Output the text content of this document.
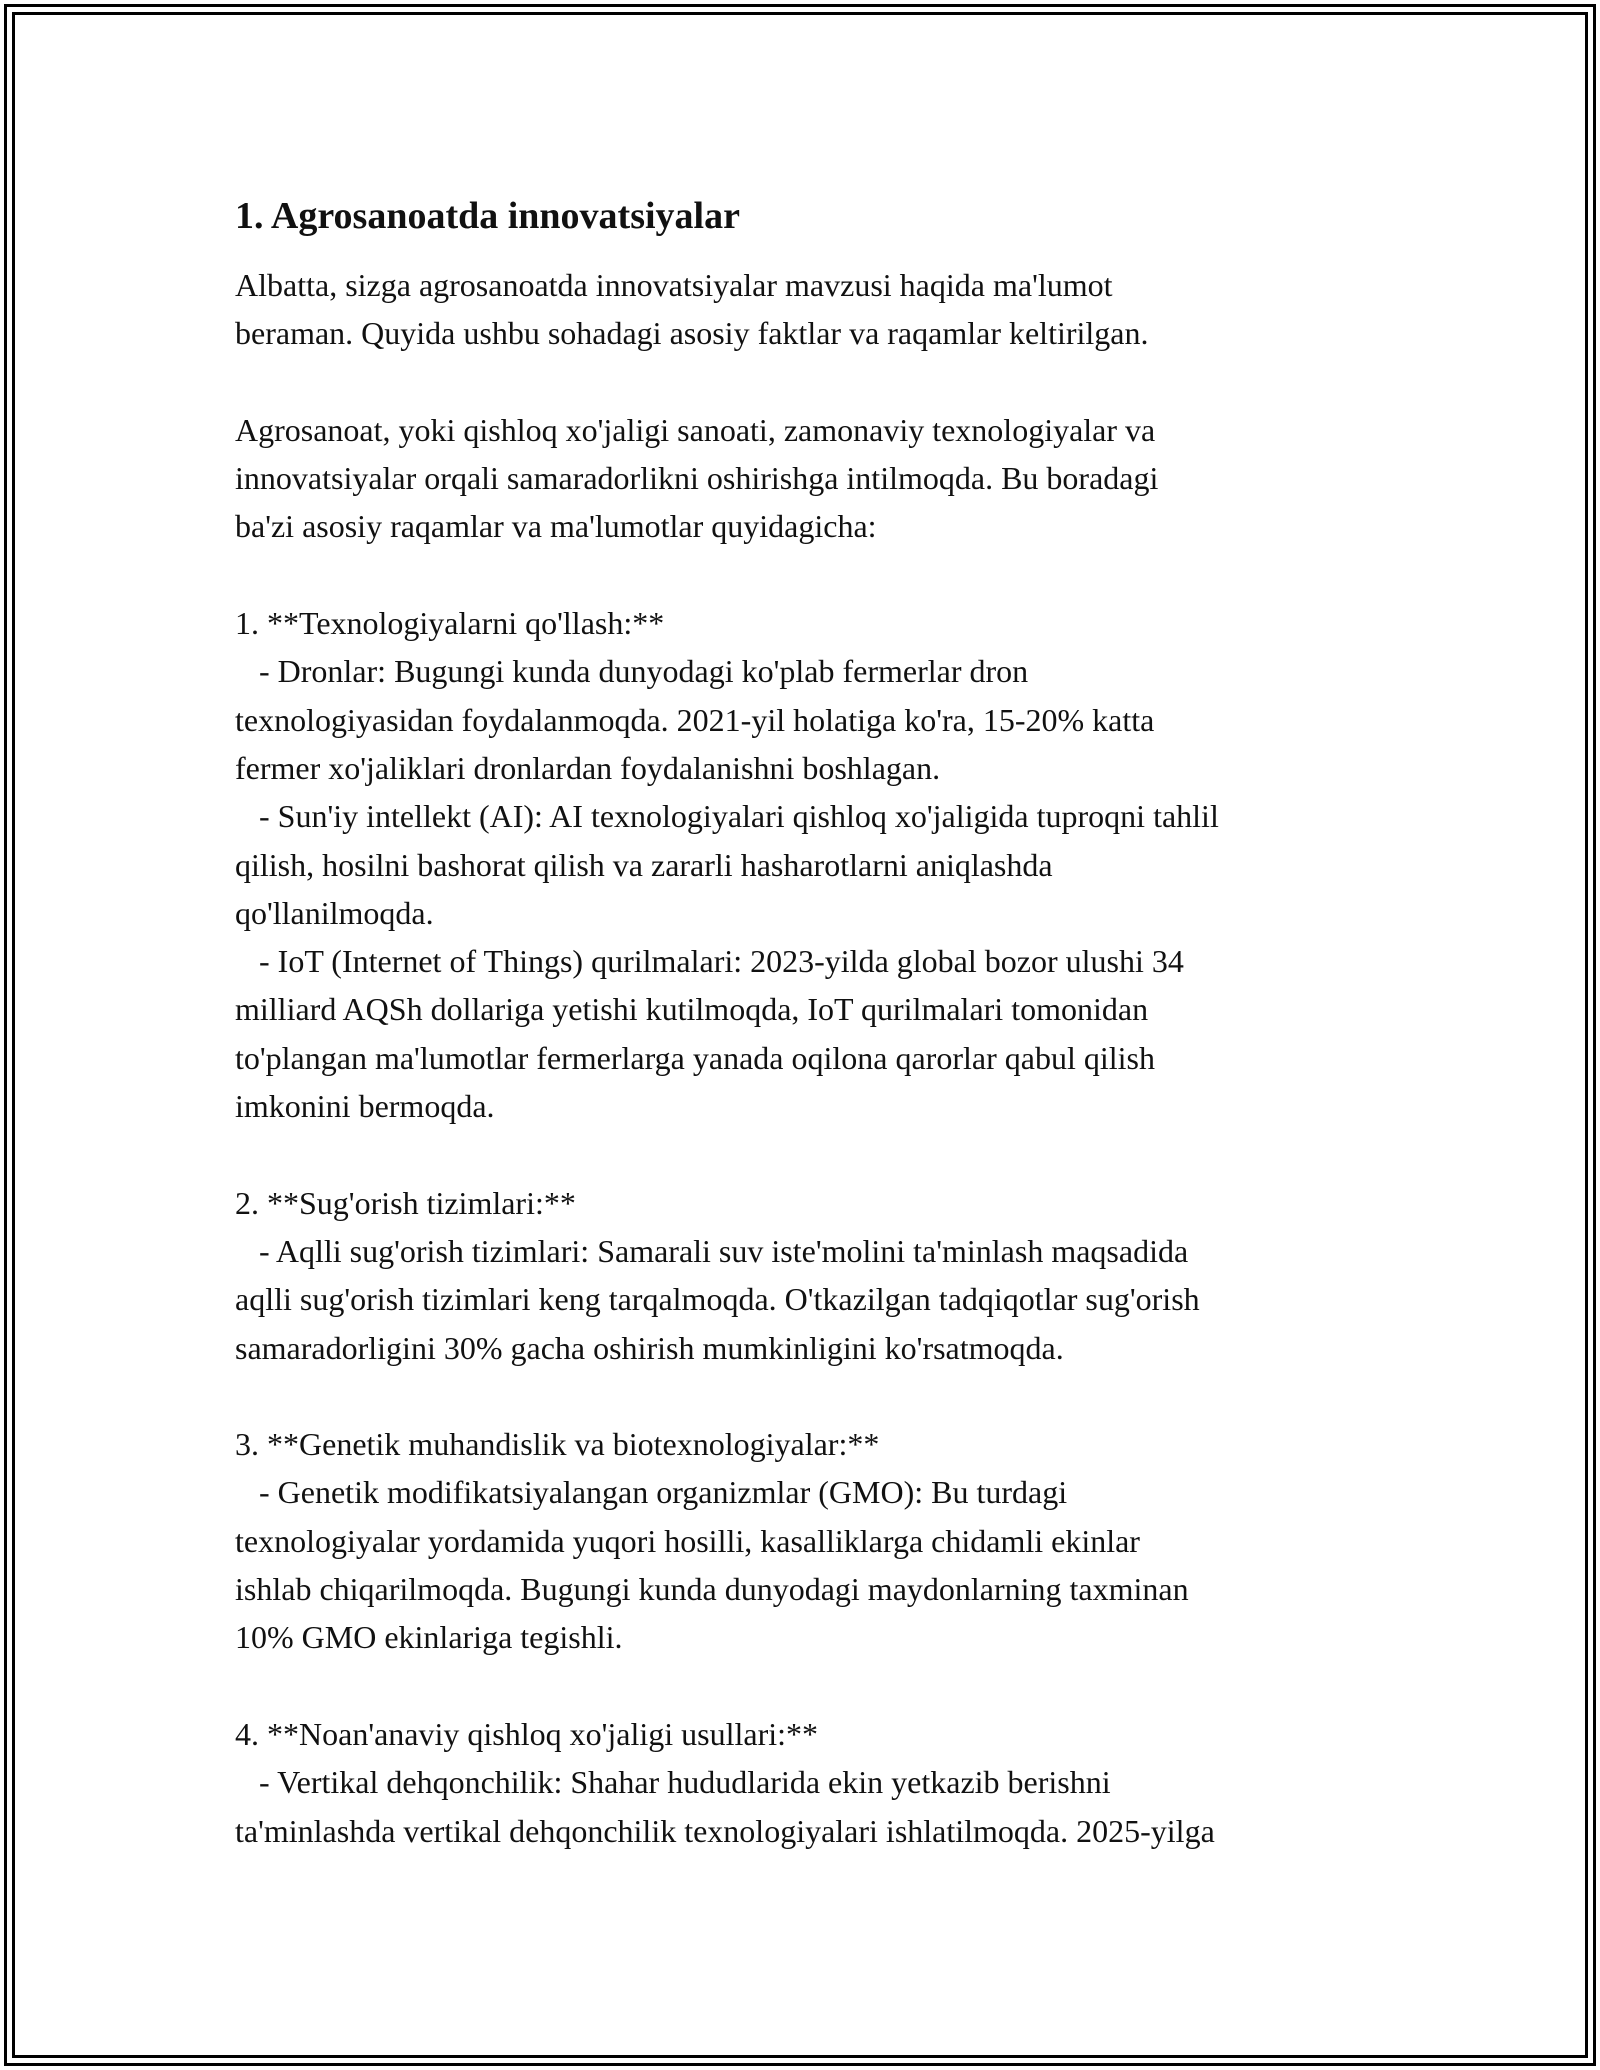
1. Agrosanoatda innovatsiyalar
Albatta, sizga agrosanoatda innovatsiyalar mavzusi haqida ma'lumot
beraman. Quyida ushbu sohadagi asosiy faktlar va raqamlar keltirilgan.
Agrosanoat, yoki qishloq xo'jaligi sanoati, zamonaviy texnologiyalar va
innovatsiyalar orqali samaradorlikni oshirishga intilmoqda. Bu boradagi
ba'zi asosiy raqamlar va ma'lumotlar quyidagicha:
1. **Texnologiyalarni qo'llash:**
- Dronlar: Bugungi kunda dunyodagi ko'plab fermerlar dron
texnologiyasidan foydalanmoqda. 2021-yil holatiga ko'ra, 15-20% katta
fermer xo'jaliklari dronlardan foydalanishni boshlagan.
- Sun'iy intellekt (AI): AI texnologiyalari qishloq xo'jaligida tuproqni tahlil
qilish, hosilni bashorat qilish va zararli hasharotlarni aniqlashda
qo'llanilmoqda.
- IoT (Internet of Things) qurilmalari: 2023-yilda global bozor ulushi 34
milliard AQSh dollariga yetishi kutilmoqda, IoT qurilmalari tomonidan
to'plangan ma'lumotlar fermerlarga yanada oqilona qarorlar qabul qilish
imkonini bermoqda.
2. **Sug'orish tizimlari:**
- Aqlli sug'orish tizimlari: Samarali suv iste'molini ta'minlash maqsadida
aqlli sug'orish tizimlari keng tarqalmoqda. O'tkazilgan tadqiqotlar sug'orish
samaradorligini 30% gacha oshirish mumkinligini ko'rsatmoqda.
3. **Genetik muhandislik va biotexnologiyalar:**
- Genetik modifikatsiyalangan organizmlar (GMO): Bu turdagi
texnologiyalar yordamida yuqori hosilli, kasalliklarga chidamli ekinlar
ishlab chiqarilmoqda. Bugungi kunda dunyodagi maydonlarning taxminan
10% GMO ekinlariga tegishli.
4. **Noan'anaviy qishloq xo'jaligi usullari:**
- Vertikal dehqonchilik: Shahar hududlarida ekin yetkazib berishni
ta'minlashda vertikal dehqonchilik texnologiyalari ishlatilmoqda. 2025-yilga
